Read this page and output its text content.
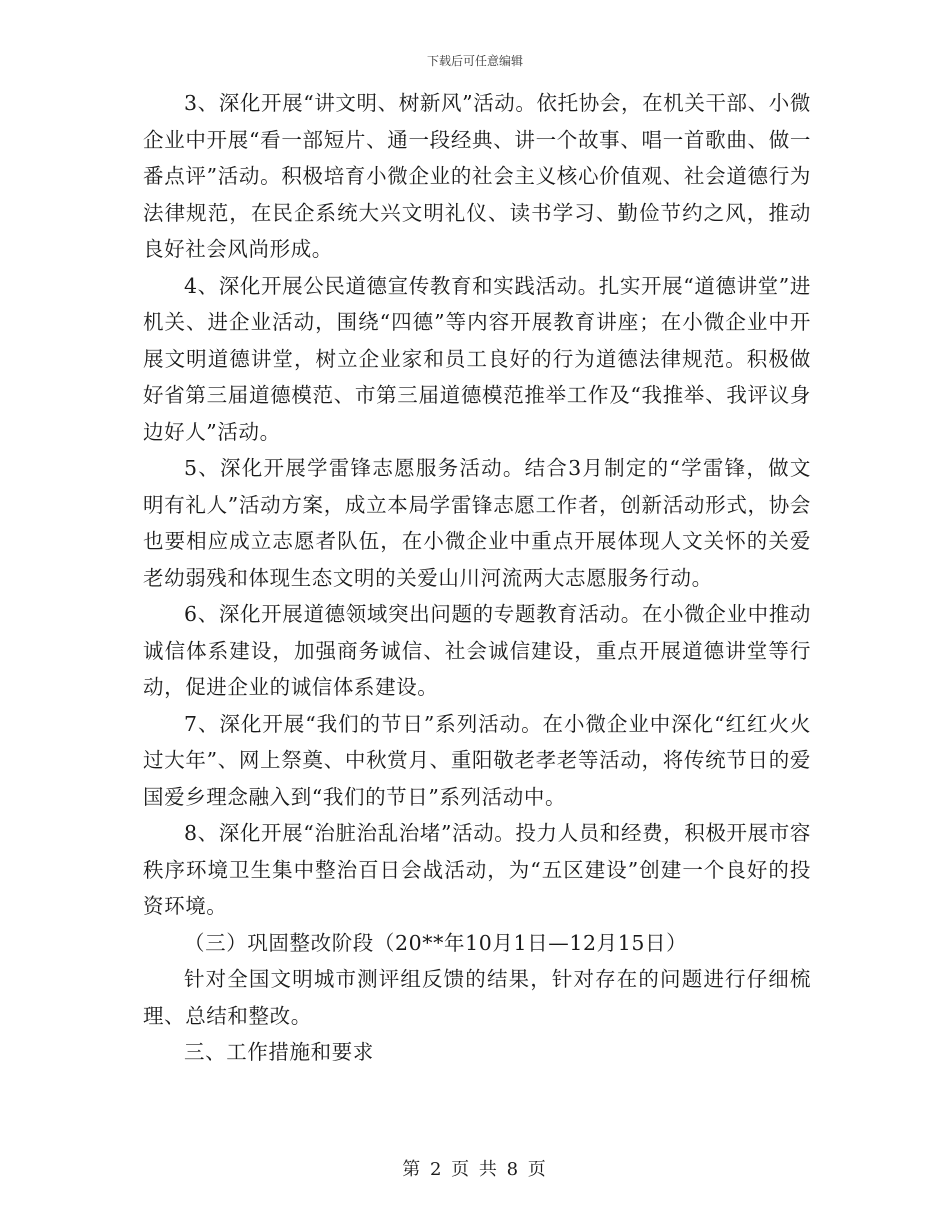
下载后可任意编辑

3、深化开展“讲文明、树新风”活动。依托协会，在机关干部、小微企业中开展“看一部短片、通一段经典、讲一个故事、唱一首歌曲、做一番点评”活动。积极培育小微企业的社会主义核心价值观、社会道德行为法律规范，在民企系统大兴文明礼仪、读书学习、勤俭节约之风，推动良好社会风尚形成。

4、深化开展公民道德宣传教育和实践活动。扎实开展“道德讲堂”进机关、进企业活动，围绕“四德”等内容开展教育讲座；在小微企业中开展文明道德讲堂，树立企业家和员工良好的行为道德法律规范。积极做好省第三届道德模范、市第三届道德模范推举工作及“我推举、我评议身边好人”活动。

5、深化开展学雷锋志愿服务活动。结合3月制定的“学雷锋，做文明有礼人”活动方案，成立本局学雷锋志愿工作者，创新活动形式，协会也要相应成立志愿者队伍，在小微企业中重点开展体现人文关怀的关爱老幼弱残和体现生态文明的关爱山川河流两大志愿服务行动。

6、深化开展道德领域突出问题的专题教育活动。在小微企业中推动诚信体系建设，加强商务诚信、社会诚信建设，重点开展道德讲堂等行动，促进企业的诚信体系建设。

7、深化开展“我们的节日”系列活动。在小微企业中深化“红红火火过大年”、网上祭奠、中秋赏月、重阳敬老孝老等活动，将传统节日的爱国爱乡理念融入到“我们的节日”系列活动中。

8、深化开展“治脏治乱治堵”活动。投力人员和经费，积极开展市容秩序环境卫生集中整治百日会战活动，为“五区建设”创建一个良好的投资环境。

（三）巩固整改阶段（20**年10月1日—12月15日）

针对全国文明城市测评组反馈的结果，针对存在的问题进行仔细梳理、总结和整改。

三、工作措施和要求

第 2 页 共 8 页
